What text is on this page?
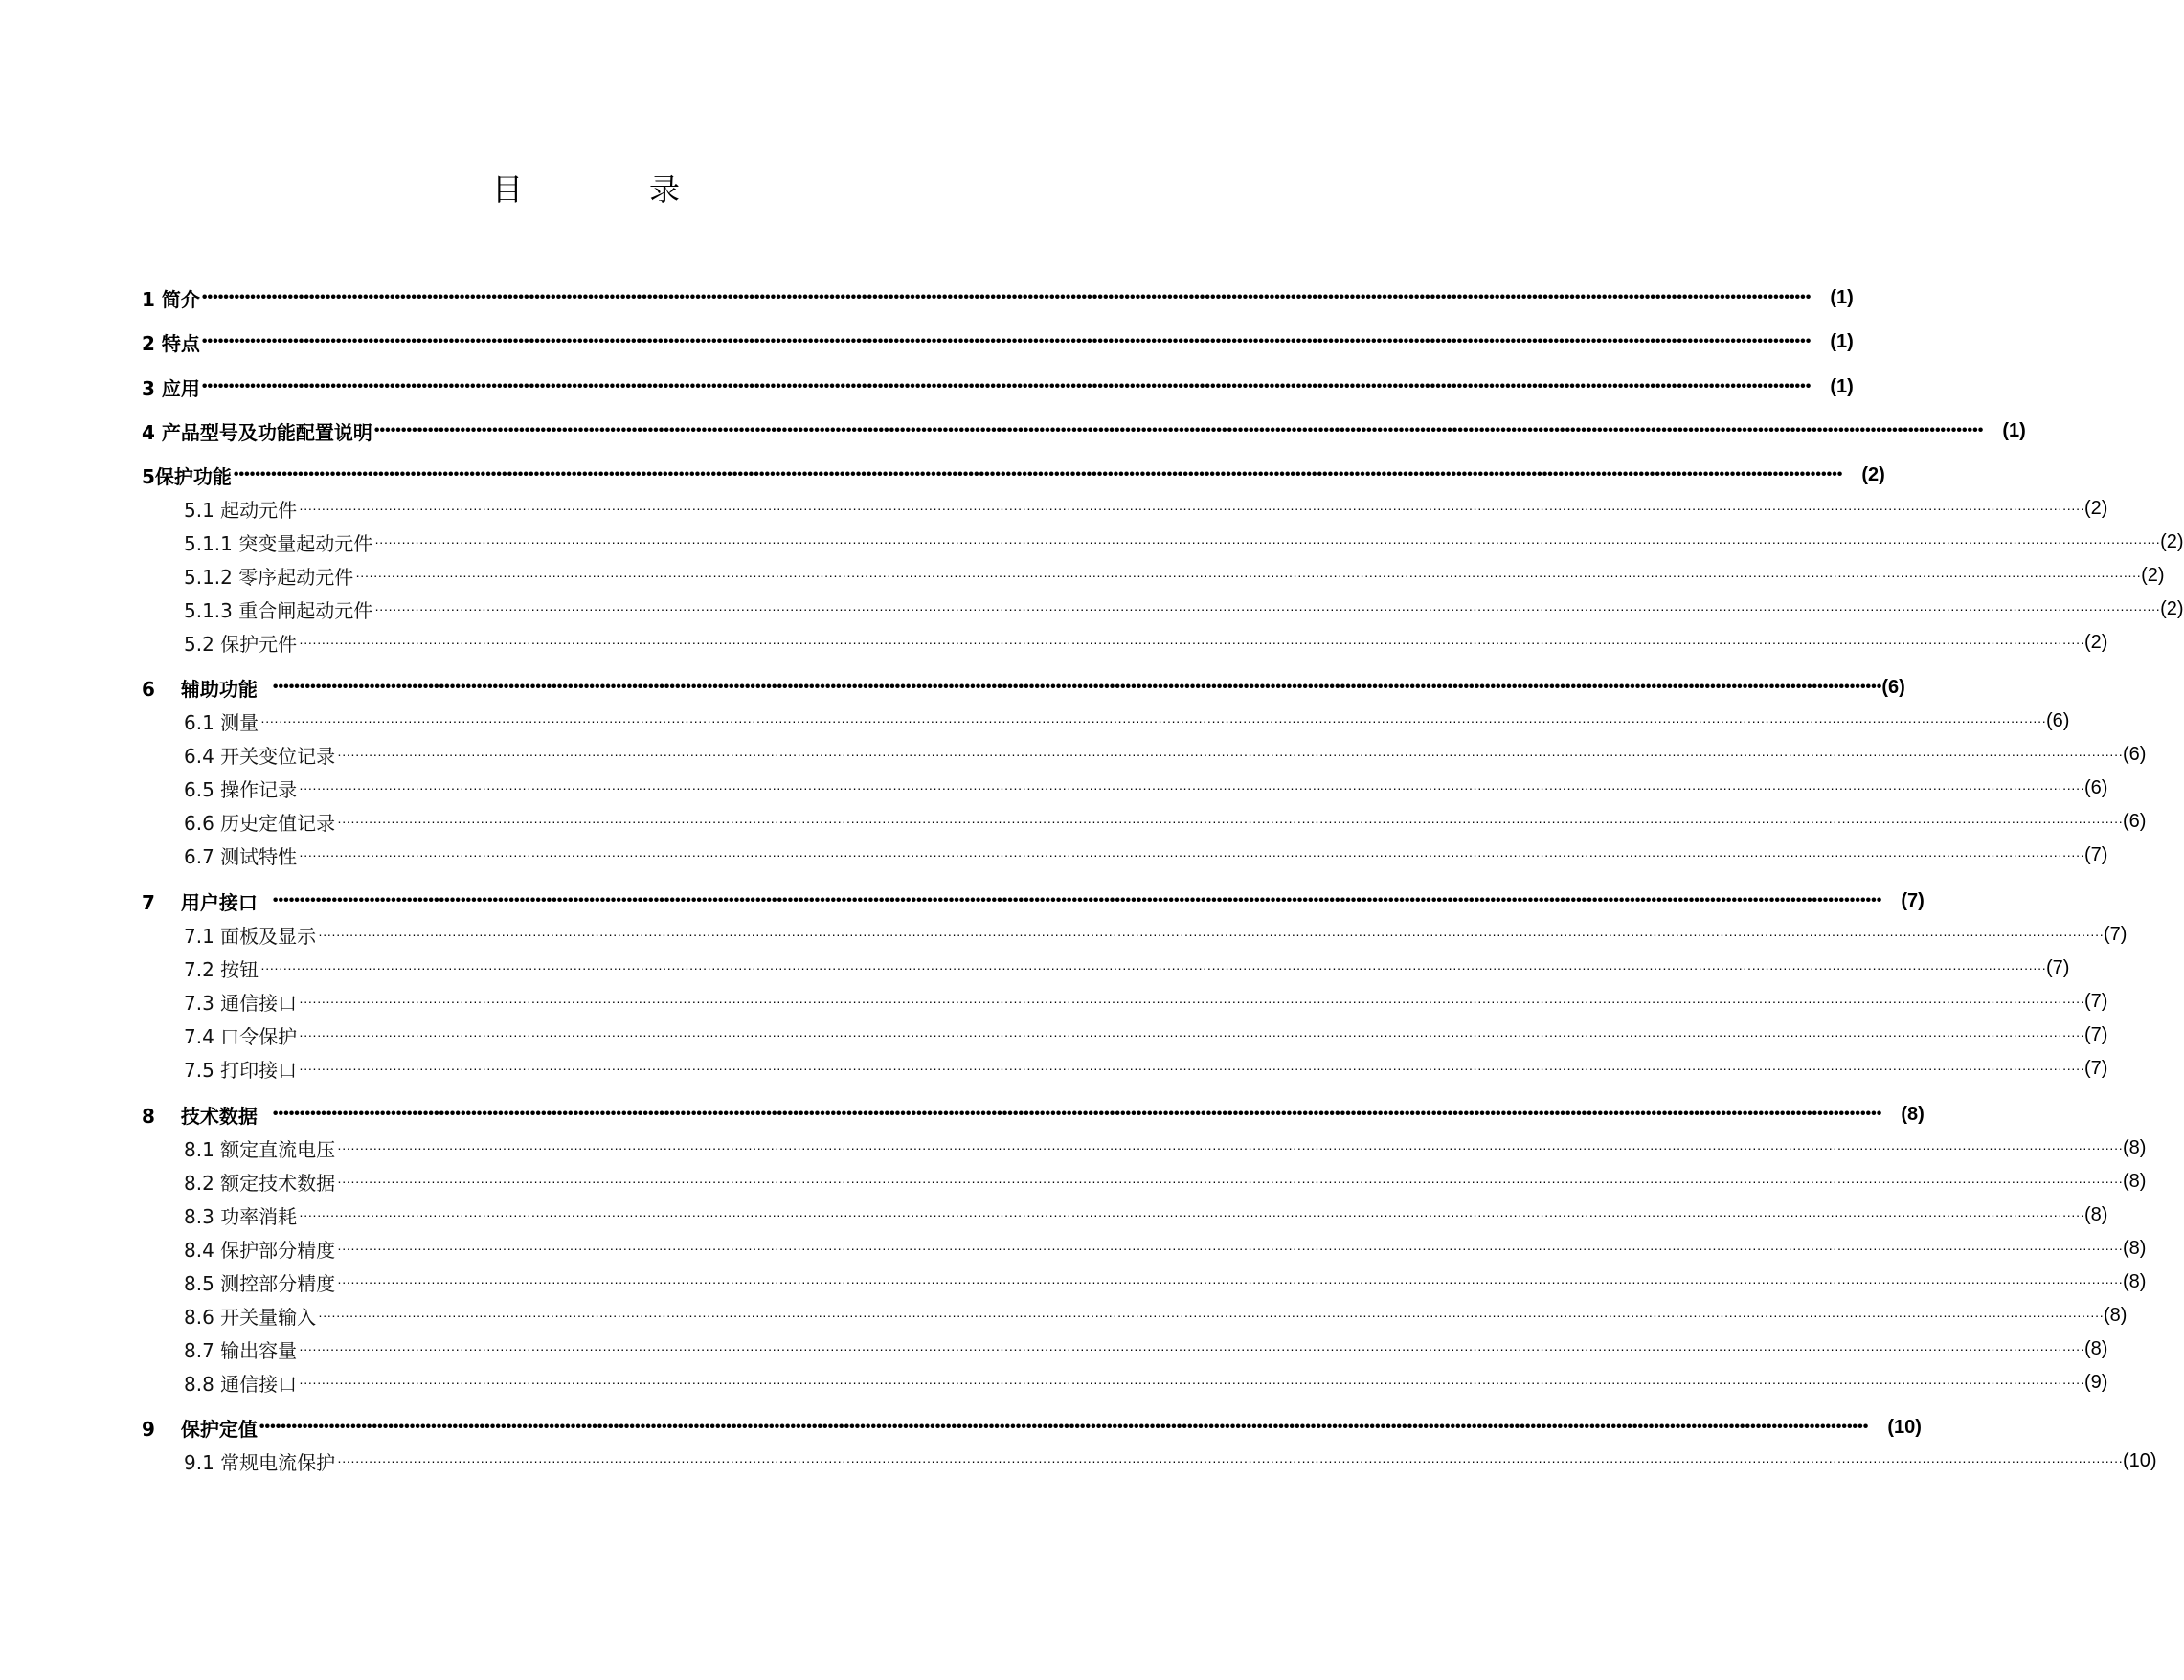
目	录
1 简介 •••••••••••••••••••••••••••••••••••••••••••••••••••••••••••••••••••••••••••••••••••••••••••••••••••••••••••••••••••••••••••••••••••••••••••••••••••••••••••••••••••••••••••••••••••••••••••••••••••••••••••••••••••••••••••••••••••••••••••••••••••••••••••••••••••••••••••••••••••••••••••••••••••••••••••• (1)
2 特点 •••••••••••••••••••••••••••••••••••••••••••••••••••••••••••••••••••••••••••••••••••••••••••••••••••••••••••••••••••••••••••••••••••••••••••••••••••••••••••••••••••••••••••••••••••••••••••••••••••••••••••••••••••••••••••••••••••••••••••••••••••••••••••••••••••••••••••••••••••••••••••••••••••••••••••• (1)
3 应用 •••••••••••••••••••••••••••••••••••••••••••••••••••••••••••••••••••••••••••••••••••••••••••••••••••••••••••••••••••••••••••••••••••••••••••••••••••••••••••••••••••••••••••••••••••••••••••••••••••••••••••••••••••••••••••••••••••••••••••••••••••••••••••••••••••••••••••••••••••••••••••••••••••••••••••• (1)
4 产品型号及功能配置说明 •••••••••••••••••••••••••••••••••••••••••••••••••••••••••••••••••••••••••••••••••••••••••••••••••••••••••••••••••••••••••••••••••••••••••••••••••••••••••••••••••••••••••••••••••••••••••••••••••••••••••••••••••••••••••••••••••••••••••••••••••••••••••••••••••••••••••••••••••••••••••••••••••••••••••••• (1)
5保护功能 •••••••••••••••••••••••••••••••••••••••••••••••••••••••••••••••••••••••••••••••••••••••••••••••••••••••••••••••••••••••••••••••••••••••••••••••••••••••••••••••••••••••••••••••••••••••••••••••••••••••••••••••••••••••••••••••••••••••••••••••••••••••••••••••••••••••••••••••••••••••••••••••••••••••••••• (2)
5.1 起动元件 ················································································································································································································································································································································································································ (2)
5.1.1 突变量起动元件 ················································································································································································································································································································································································································ (2)
5.1.2 零序起动元件 ················································································································································································································································································································································································································ (2)
5.1.3 重合闸起动元件 ················································································································································································································································································································································································································ (2)
5.2 保护元件 ················································································································································································································································································································································································································ (2)
6  辅助功能 •••••••••••••••••••••••••••••••••••••••••••••••••••••••••••••••••••••••••••••••••••••••••••••••••••••••••••••••••••••••••••••••••••••••••••••••••••••••••••••••••••••••••••••••••••••••••••••••••••••••••••••••••••••••••••••••••••••••••••••••••••••••••••••••••••••••••••••••••••••••••••••••••••••••••••• (6)
6.1 测量 ················································································································································································································································································································································································································ (6)
6.4 开关变位记录 ················································································································································································································································································································································································································ (6)
6.5 操作记录 ················································································································································································································································································································································································································ (6)
6.6 历史定值记录 ················································································································································································································································································································································································································ (6)
6.7 测试特性 ················································································································································································································································································································································································································ (7)
7  用户接口 •••••••••••••••••••••••••••••••••••••••••••••••••••••••••••••••••••••••••••••••••••••••••••••••••••••••••••••••••••••••••••••••••••••••••••••••••••••••••••••••••••••••••••••••••••••••••••••••••••••••••••••••••••••••••••••••••••••••••••••••••••••••••••••••••••••••••••••••••••••••••••••••••••••••••••• (7)
7.1 面板及显示 ················································································································································································································································································································································································································ (7)
7.2 按钮 ················································································································································································································································································································································································································ (7)
7.3 通信接口 ················································································································································································································································································································································································································ (7)
7.4 口令保护 ················································································································································································································································································································································································································ (7)
7.5 打印接口 ················································································································································································································································································································································································································ (7)
8  技术数据 •••••••••••••••••••••••••••••••••••••••••••••••••••••••••••••••••••••••••••••••••••••••••••••••••••••••••••••••••••••••••••••••••••••••••••••••••••••••••••••••••••••••••••••••••••••••••••••••••••••••••••••••••••••••••••••••••••••••••••••••••••••••••••••••••••••••••••••••••••••••••••••••••••••••••••• (8)
8.1 额定直流电压 ················································································································································································································································································································································································································ (8)
8.2 额定技术数据 ················································································································································································································································································································································································································ (8)
8.3 功率消耗 ················································································································································································································································································································································································································ (8)
8.4 保护部分精度 ················································································································································································································································································································································································································ (8)
8.5 测控部分精度 ················································································································································································································································································································································································································ (8)
8.6 开关量输入 ················································································································································································································································································································································································································ (8)
8.7 输出容量 ················································································································································································································································································································································································································ (8)
8.8 通信接口 ················································································································································································································································································································································································································ (9)
9  保护定值 •••••••••••••••••••••••••••••••••••••••••••••••••••••••••••••••••••••••••••••••••••••••••••••••••••••••••••••••••••••••••••••••••••••••••••••••••••••••••••••••••••••••••••••••••••••••••••••••••••••••••••••••••••••••••••••••••••••••••••••••••••••••••••••••••••••••••••••••••••••••••••••••••••••••••••• (10)
9.1 常规电流保护 ················································································································································································································································································································································································································ (10)
